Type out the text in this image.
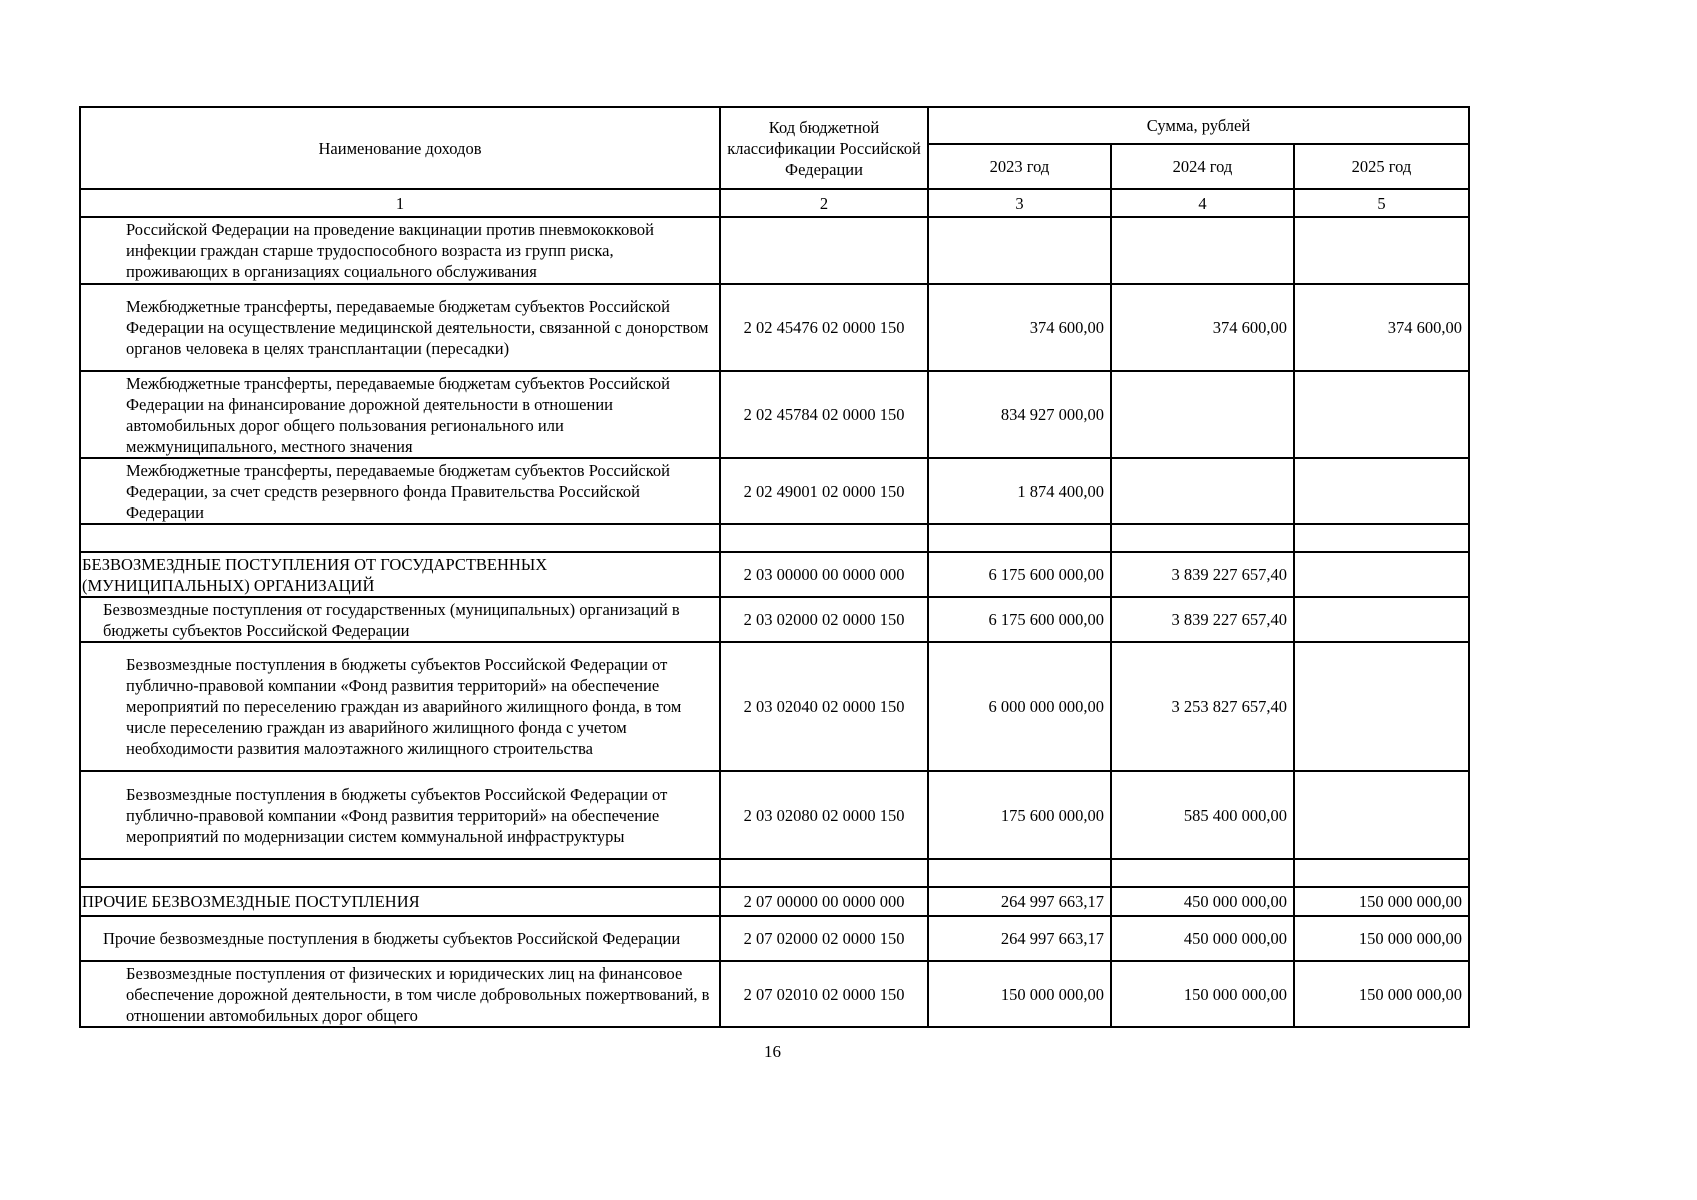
Наименование доходов	Код бюджетной классификации Российской Федерации	Сумма, рублей		
		2023 год	2024 год	2025 год
1	2	3	4	5
Российской Федерации на проведение вакцинации против пневмококковой инфекции граждан старше трудоспособного возраста из групп риска, проживающих в организациях социального обслуживания				
Межбюджетные трансферты, передаваемые бюджетам субъектов Российской Федерации на осуществление медицинской деятельности, связанной с донорством органов человека в целях трансплантации (пересадки)	2 02 45476 02 0000 150	374 600,00	374 600,00	374 600,00
Межбюджетные трансферты, передаваемые бюджетам субъектов Российской Федерации на финансирование дорожной деятельности в отношении автомобильных дорог общего пользования регионального или межмуниципального, местного значения	2 02 45784 02 0000 150	834 927 000,00		
Межбюджетные трансферты, передаваемые бюджетам субъектов Российской Федерации, за счет средств резервного фонда Правительства Российской Федерации	2 02 49001 02 0000 150	1 874 400,00		

БЕЗВОЗМЕЗДНЫЕ ПОСТУПЛЕНИЯ ОТ ГОСУДАРСТВЕННЫХ (МУНИЦИПАЛЬНЫХ) ОРГАНИЗАЦИЙ	2 03 00000 00 0000 000	6 175 600 000,00	3 839 227 657,40	
Безвозмездные поступления от государственных (муниципальных) организаций в бюджеты субъектов Российской Федерации	2 03 02000 02 0000 150	6 175 600 000,00	3 839 227 657,40	
Безвозмездные поступления в бюджеты субъектов Российской Федерации от публично-правовой компании «Фонд развития территорий» на обеспечение мероприятий по переселению граждан из аварийного жилищного фонда, в том числе переселению граждан из аварийного жилищного фонда с учетом необходимости развития малоэтажного жилищного строительства	2 03 02040 02 0000 150	6 000 000 000,00	3 253 827 657,40	
Безвозмездные поступления в бюджеты субъектов Российской Федерации от публично-правовой компании «Фонд развития территорий» на обеспечение мероприятий по модернизации систем коммунальной инфраструктуры	2 03 02080 02 0000 150	175 600 000,00	585 400 000,00	

ПРОЧИЕ БЕЗВОЗМЕЗДНЫЕ ПОСТУПЛЕНИЯ	2 07 00000 00 0000 000	264 997 663,17	450 000 000,00	150 000 000,00
Прочие безвозмездные поступления в бюджеты субъектов Российской Федерации	2 07 02000 02 0000 150	264 997 663,17	450 000 000,00	150 000 000,00
Безвозмездные поступления от физических и юридических лиц на финансовое обеспечение дорожной деятельности, в том числе добровольных пожертвований, в отношении автомобильных дорог общего	2 07 02010 02 0000 150	150 000 000,00	150 000 000,00	150 000 000,00
16
